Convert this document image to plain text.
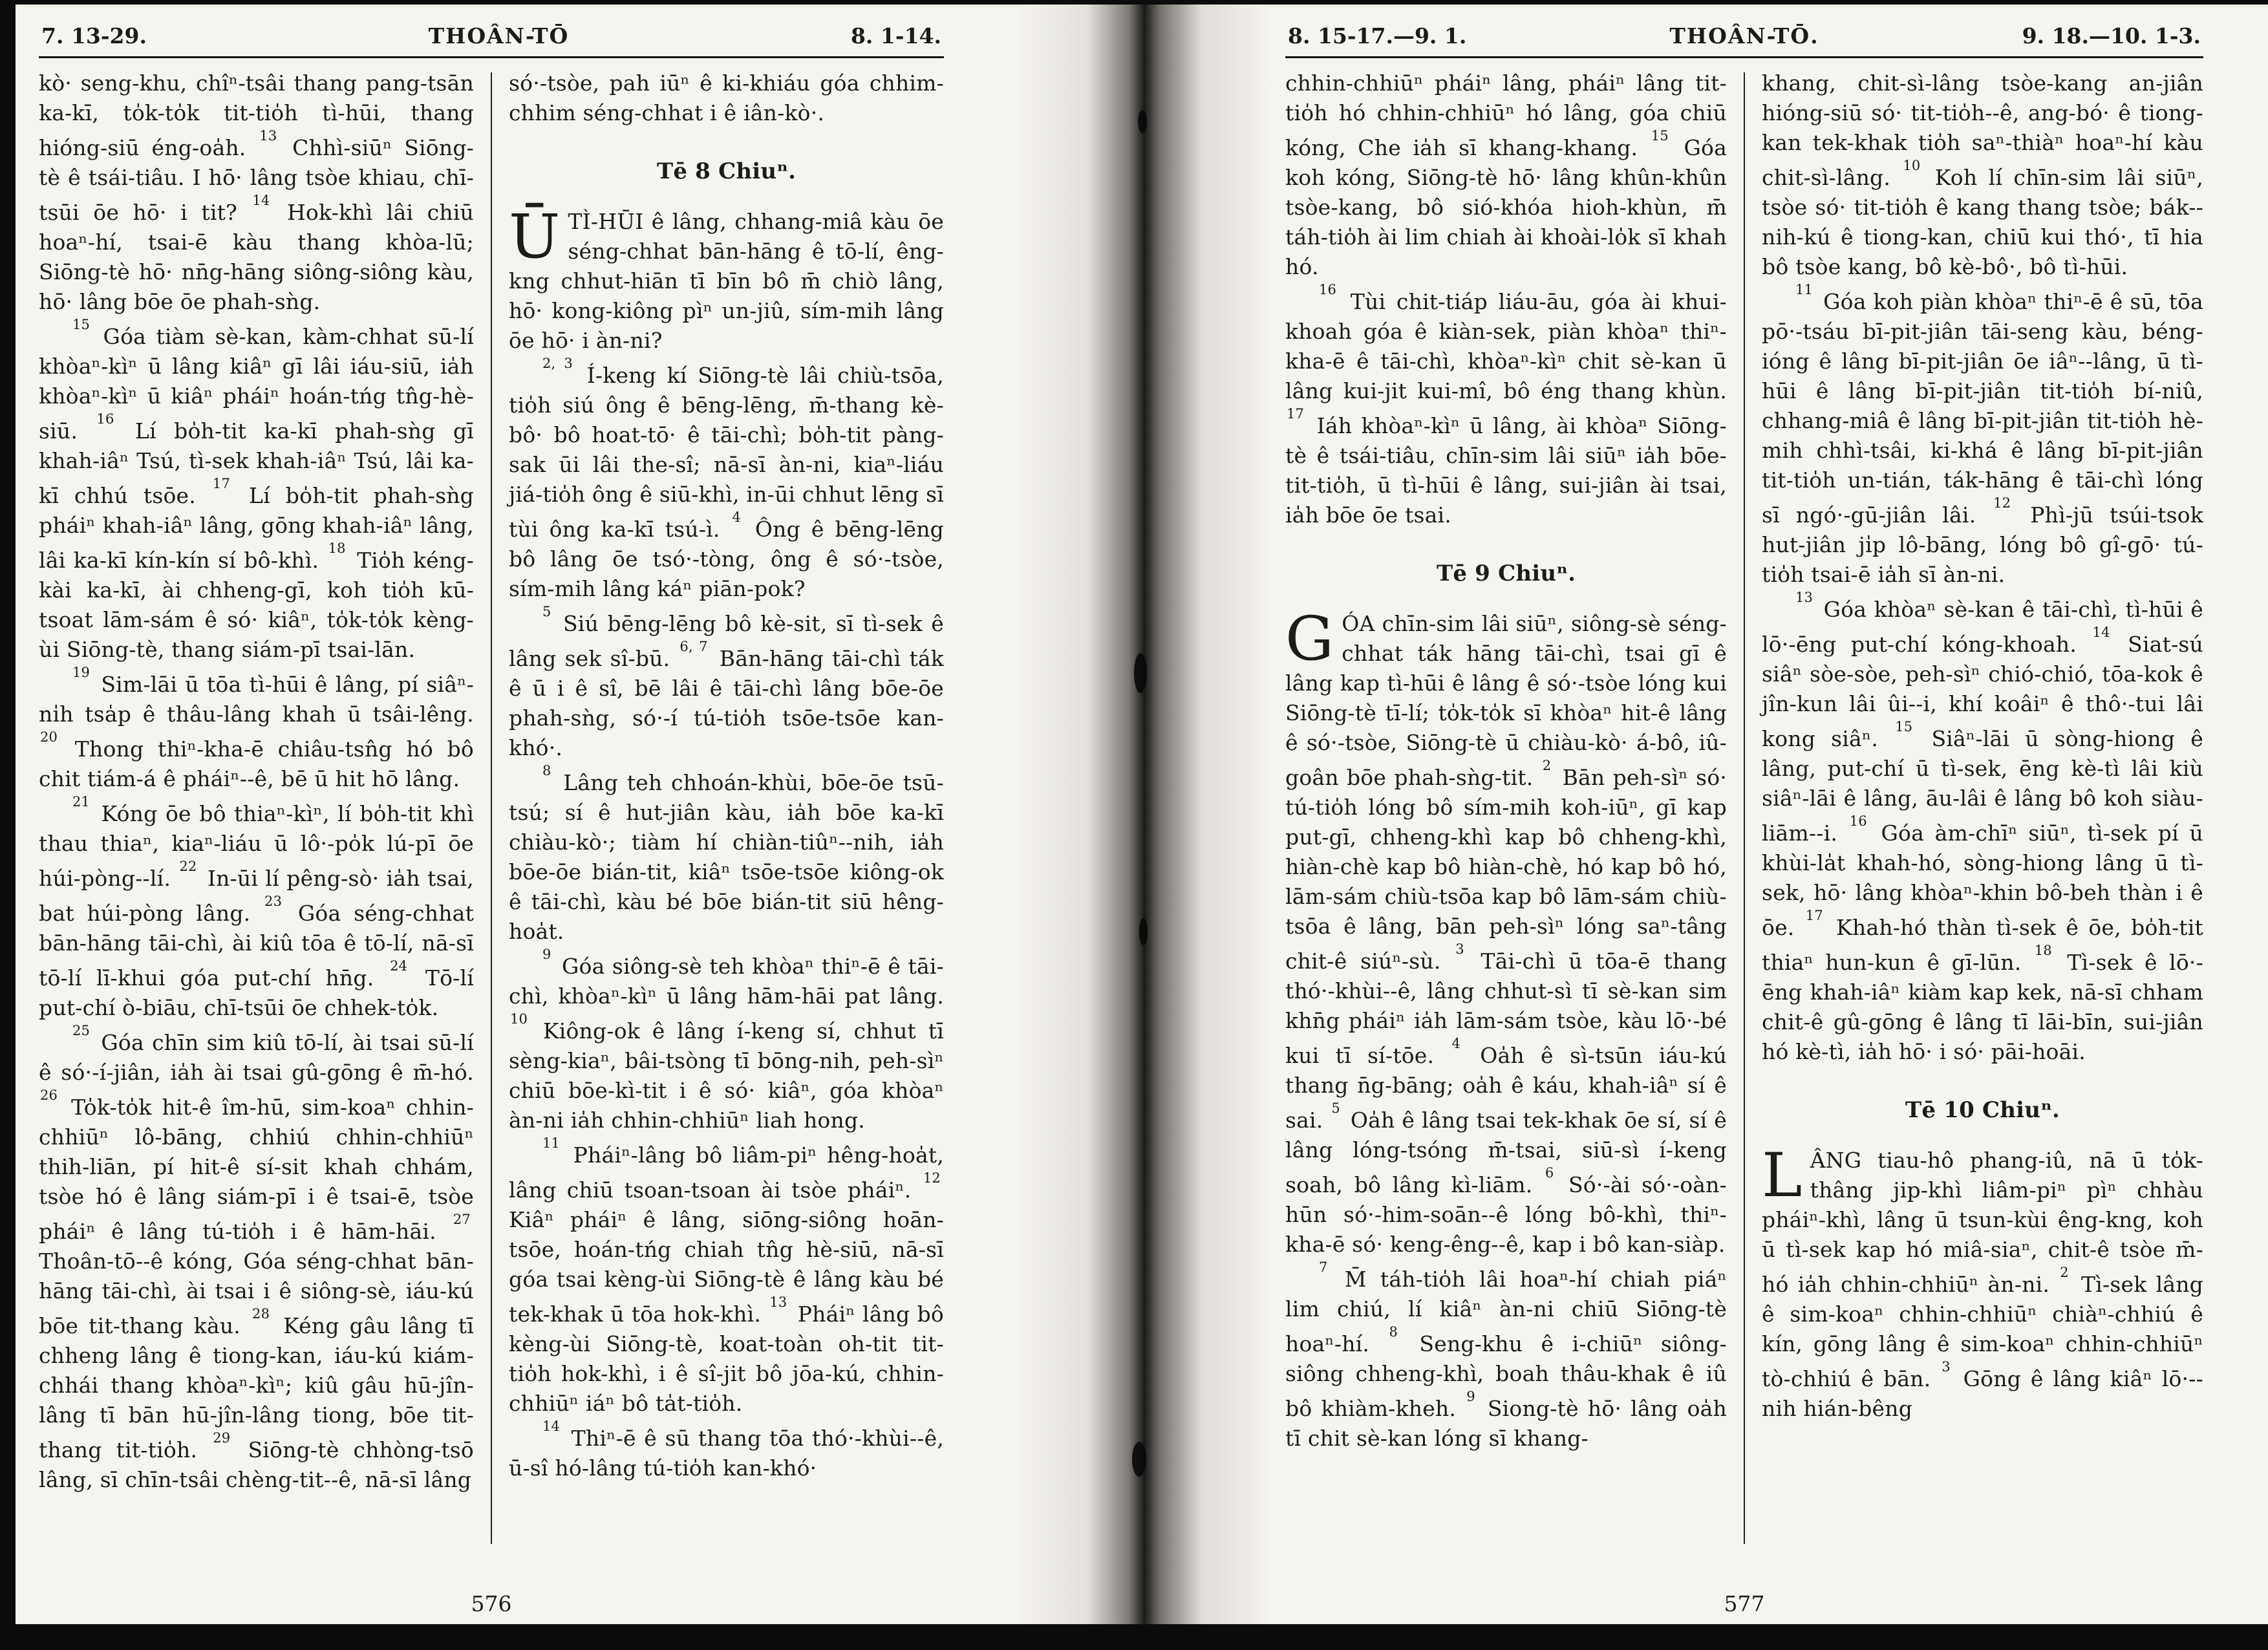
7. 13-29.	THOÂN-TŌ	8. 1-14.

kò· seng-khu, chîⁿ-tsâi thang pang-tsān ka-kī, to̍k-to̍k tit-tio̍h tì-hūi, thang hióng-siū éng-oa̍h. $^{13}$ Chhì-siūⁿ Siōng-tè ê tsái-tiâu. I hō· lâng tsòe khiau, chī-tsūi ōe hō· i tit? $^{14}$ Hok-khì lâi chiū hoaⁿ-hí, tsai-ē kàu thang khòa-lū; Siōng-tè hō· nn̄g-hāng siông-siông kàu, hō· lâng bōe ōe phah-sǹg.

$^{15}$ Góa tiàm sè-kan, kàm-chhat sū-lí khòaⁿ-kìⁿ ū lâng kiâⁿ gī lâi iáu-siū, ia̍h khòaⁿ-kìⁿ ū kiâⁿ pháiⁿ hoán-tńg tn̂g-hè-siū. $^{16}$ Lí bo̍h-tit ka-kī phah-sǹg gī khah-iâⁿ Tsú, tì-sek khah-iâⁿ Tsú, lâi ka-kī chhú tsōe. $^{17}$ Lí bo̍h-tit phah-sǹg pháiⁿ khah-iâⁿ lâng, gōng khah-iâⁿ lâng, lâi ka-kī kín-kín sí bô-khì. $^{18}$ Tio̍h kéng-kài ka-kī, ài chheng-gī, koh tio̍h kū-tsoat lām-sám ê só· kiâⁿ, to̍k-to̍k kèng-ùi Siōng-tè, thang siám-pī tsai-lān.

$^{19}$ Sim-lāi ū tōa tì-hūi ê lâng, pí siâⁿ-ni̍h tsa̍p ê thâu-lâng khah ū tsâi-lêng. $^{20}$ Thong thiⁿ-kha-ē chiâu-tsn̂g hó bô chit tiám-á ê pháiⁿ--ê, bē ū hit hō lâng.

$^{21}$ Kóng ōe bô thiaⁿ-kìⁿ, lí bo̍h-tit khì thau thiaⁿ, kiaⁿ-liáu ū lô·-po̍k lú-pī ōe húi-pòng--lí. $^{22}$ In-ūi lí pêng-sò· ia̍h tsai, bat húi-pòng lâng. $^{23}$ Góa séng-chhat bān-hāng tāi-chì, ài kiû tōa ê tō-lí, nā-sī tō-lí lī-khui góa put-chí hn̄g. $^{24}$ Tō-lí put-chí ò-biāu, chī-tsūi ōe chhek-to̍k.

$^{25}$ Góa chīn sim kiû tō-lí, ài tsai sū-lí ê só·-í-jiân, ia̍h ài tsai gû-gōng ê m̄-hó. $^{26}$ To̍k-to̍k hit-ê îm-hū, sim-koaⁿ chhin-chhiūⁿ lô-bāng, chhiú chhin-chhiūⁿ thih-liān, pí hit-ê sí-sit khah chhám, tsòe hó ê lâng siám-pī i ê tsai-ē, tsòe pháiⁿ ê lâng tú-tio̍h i ê hām-hāi. $^{27}$ Thoân-tō--ê kóng, Góa séng-chhat bān-hāng tāi-chì, ài tsai i ê siông-sè, iáu-kú bōe tit-thang kàu. $^{28}$ Kéng gâu lâng tī chheng lâng ê tiong-kan, iáu-kú kiám-chhái thang khòaⁿ-kìⁿ; kiû gâu hū-jîn-lâng tī bān hū-jîn-lâng tiong, bōe tit-thang tit-tio̍h. $^{29}$ Siōng-tè chhòng-tsō lâng, sī chīn-tsâi chèng-tit--ê, nā-sī lâng

só·-tsòe, pah iūⁿ ê ki-khiáu góa chhim-chhim séng-chhat i ê iân-kò·.

Tē 8 Chiuⁿ.

ŪTÌ-HŪI ê lâng, chhang-miâ kàu ōe séng-chhat bān-hāng ê tō-lí, êng-kng chhut-hiān tī bīn bô m̄ chiò lâng, hō· kong-kiông pìⁿ un-jiû, sím-mih lâng ōe hō· i àn-ni?

$^{2, 3}$ Í-keng kí Siōng-tè lâi chiù-tsōa, tio̍h siú ông ê bēng-lēng, m̄-thang kè-bô· bô hoat-tō· ê tāi-chì; bo̍h-tit pàng-sak ūi lâi the-sî; nā-sī àn-ni, kiaⁿ-liáu jiá-tio̍h ông ê siū-khì, in-ūi chhut lēng sī tùi ông ka-kī tsú-ì. $^4$ Ông ê bēng-lēng bô lâng ōe tsó·-tòng, ông ê só·-tsòe, sím-mih lâng káⁿ piān-pok?

$^5$ Siú bēng-lēng bô kè-sit, sī tì-sek ê lâng sek sî-bū. $^{6, 7}$ Bān-hāng tāi-chì ták ê ū i ê sî, bē lâi ê tāi-chì lâng bōe-ōe phah-sǹg, só·-í tú-tio̍h tsōe-tsōe kan-khó·.

$^8$ Lâng teh chhoán-khùi, bōe-ōe tsū-tsú; sí ê hut-jiân kàu, ia̍h bōe ka-kī chiàu-kò·; tiàm hí chiàn-tiûⁿ--nih, ia̍h bōe-ōe bián-tit, kiâⁿ tsōe-tsōe kiông-ok ê tāi-chì, kàu bé bōe bián-tit siū hêng-hoa̍t.

$^9$ Góa siông-sè teh khòaⁿ thiⁿ-ē ê tāi-chì, khòaⁿ-kìⁿ ū lâng hām-hāi pat lâng. $^{10}$ Kiông-ok ê lâng í-keng sí, chhut tī sèng-kiaⁿ, bâi-tsòng tī bōng-nih, peh-sìⁿ chiū bōe-kì-tit i ê só· kiâⁿ, góa khòaⁿ àn-ni ia̍h chhin-chhiūⁿ liah hong.

$^{11}$ Pháiⁿ-lâng bô liâm-piⁿ hêng-hoa̍t, lâng chiū tsoan-tsoan ài tsòe pháiⁿ. $^{12}$ Kiâⁿ pháiⁿ ê lâng, siōng-siông hoān-tsōe, hoán-tńg chiah tn̂g hè-siū, nā-sī góa tsai kèng-ùi Siōng-tè ê lâng kàu bé tek-khak ū tōa hok-khì. $^{13}$ Pháiⁿ lâng bô kèng-ùi Siōng-tè, koat-toàn oh-tit tit-tio̍h hok-khì, i ê sî-jit bô jōa-kú, chhin-chhiūⁿ iáⁿ bô ta̍t-tio̍h.

$^{14}$ Thiⁿ-ē ê sū thang tōa thó·-khùi--ê, ū-sî hó-lâng tú-tio̍h kan-khó·

576
8. 15-17.—9. 1.	THOÂN-TŌ.	9. 18.—10. 1-3.

chhin-chhiūⁿ pháiⁿ lâng, pháiⁿ lâng tit-tio̍h hó chhin-chhiūⁿ hó lâng, góa chiū kóng, Che ia̍h sī khang-khang. $^{15}$ Góa koh kóng, Siōng-tè hō· lâng khûn-khûn tsòe-kang, bô sió-khóa hioh-khùn, m̄ táh-tio̍h ài lim chiah ài khoài-lo̍k sī khah hó.

$^{16}$ Tùi chit-tiáp liáu-āu, góa ài khui-khoah góa ê kiàn-sek, piàn khòaⁿ thiⁿ-kha-ē ê tāi-chì, khòaⁿ-kìⁿ chit sè-kan ū lâng kui-jit kui-mî, bô éng thang khùn. $^{17}$ Iáh khòaⁿ-kìⁿ ū lâng, ài khòaⁿ Siōng-tè ê tsái-tiâu, chīn-sim lâi siūⁿ ia̍h bōe-tit-tio̍h, ū tì-hūi ê lâng, sui-jiân ài tsai, ia̍h bōe ōe tsai.

Tē 9 Chiuⁿ.

GÓA chīn-sim lâi siūⁿ, siông-sè séng-chhat ták hāng tāi-chì, tsai gī ê lâng kap tì-hūi ê lâng ê só·-tsòe lóng kui Siōng-tè tī-lí; to̍k-to̍k sī khòaⁿ hit-ê lâng ê só·-tsòe, Siōng-tè ū chiàu-kò· á-bô, iû-goân bōe phah-sǹg-tit. $^2$ Bān peh-sìⁿ só· tú-tio̍h lóng bô sím-mih koh-iūⁿ, gī kap put-gī, chheng-khì kap bô chheng-khì, hiàn-chè kap bô hiàn-chè, hó kap bô hó, lām-sám chiù-tsōa kap bô lām-sám chiù-tsōa ê lâng, bān peh-sìⁿ lóng saⁿ-tâng chit-ê siúⁿ-sù. $^3$ Tāi-chì ū tōa-ē thang thó·-khùi--ê, lâng chhut-sì tī sè-kan sim khn̄g pháiⁿ ia̍h lām-sám tsòe, kàu lō·-bé kui tī sí-tōe. $^4$ Oa̍h ê sì-tsūn iáu-kú thang n̄g-bāng; oa̍h ê káu, khah-iâⁿ sí ê sai. $^5$ Oa̍h ê lâng tsai tek-khak ōe sí, sí ê lâng lóng-tsóng m̄-tsai, siū-sì í-keng soah, bô lâng kì-liām. $^6$ Só·-ài só·-oàn-hūn só·-him-soān--ê lóng bô-khì, thiⁿ-kha-ē só· keng-êng--ê, kap i bô kan-siàp.

$^7$ M̄ táh-tio̍h lâi hoaⁿ-hí chiah piáⁿ lim chiú, lí kiâⁿ àn-ni chiū Siōng-tè hoaⁿ-hí. $^8$ Seng-khu ê i-chiūⁿ siông-siông chheng-khì, boah thâu-khak ê iû bô khiàm-kheh. $^9$ Siong-tè hō· lâng oa̍h tī chit sè-kan lóng sī khang-

khang, chit-sì-lâng tsòe-kang an-jiân hióng-siū só· tit-tio̍h--ê, ang-bó· ê tiong-kan tek-khak tio̍h saⁿ-thiàⁿ hoaⁿ-hí kàu chit-sì-lâng. $^{10}$ Koh lí chīn-sim lâi siūⁿ, tsòe só· tit-tio̍h ê kang thang tsòe; bák--nih-kú ê tiong-kan, chiū kui thó·, tī hia bô tsòe kang, bô kè-bô·, bô tì-hūi.

$^{11}$ Góa koh piàn khòaⁿ thiⁿ-ē ê sū, tōa pō·-tsáu bī-pit-jiân tāi-seng kàu, béng-ióng ê lâng bī-pit-jiân ōe iâⁿ--lâng, ū tì-hūi ê lâng bī-pit-jiân tit-tio̍h bí-niû, chhang-miâ ê lâng bī-pit-jiân tit-tio̍h hè-mih chhì-tsâi, ki-khá ê lâng bī-pit-jiân tit-tio̍h un-tián, ták-hāng ê tāi-chì lóng sī ngó·-gū-jiân lâi. $^{12}$ Phì-jū tsúi-tsok hut-jiân ji̍p lô-bāng, lóng bô gî-gō· tú-tio̍h tsai-ē ia̍h sī àn-ni.

$^{13}$ Góa khòaⁿ sè-kan ê tāi-chì, tì-hūi ê lō·-ēng put-chí kóng-khoah. $^{14}$ Siat-sú siâⁿ sòe-sòe, peh-sìⁿ chió-chió, tōa-kok ê jîn-kun lâi ûi--i, khí koâiⁿ ê thô·-tui lâi kong siâⁿ. $^{15}$ Siâⁿ-lāi ū sòng-hiong ê lâng, put-chí ū tì-sek, ēng kè-tì lâi kiù siâⁿ-lāi ê lâng, āu-lâi ê lâng bô koh siàu-liām--i. $^{16}$ Góa àm-chīⁿ siūⁿ, tì-sek pí ū khùi-la̍t khah-hó, sòng-hiong lâng ū tì-sek, hō· lâng khòaⁿ-khin bô-beh thàn i ê ōe. $^{17}$ Khah-hó thàn tì-sek ê ōe, bo̍h-tit thiaⁿ hun-kun ê gī-lūn. $^{18}$ Tì-sek ê lō·-ēng khah-iâⁿ kiàm kap kek, nā-sī chham chit-ê gû-gōng ê lâng tī lāi-bīn, sui-jiân hó kè-tì, ia̍h hō· i só· pāi-hoāi.

Tē 10 Chiuⁿ.

LÂNG tiau-hô phang-iû, nā ū to̍k-thâng jip-khì liâm-piⁿ pìⁿ chhàu pháiⁿ-khì, lâng ū tsun-kùi êng-kng, koh ū tì-sek kap hó miâ-siaⁿ, chit-ê tsòe m̄-hó ia̍h chhin-chhiūⁿ àn-ni. $^2$ Tì-sek lâng ê sim-koaⁿ chhin-chhiūⁿ chiàⁿ-chhiú ê kín, gōng lâng ê sim-koaⁿ chhin-chhiūⁿ tò-chhiú ê bān. $^3$ Gōng ê lâng kiâⁿ lō·--nih hián-bêng

577
